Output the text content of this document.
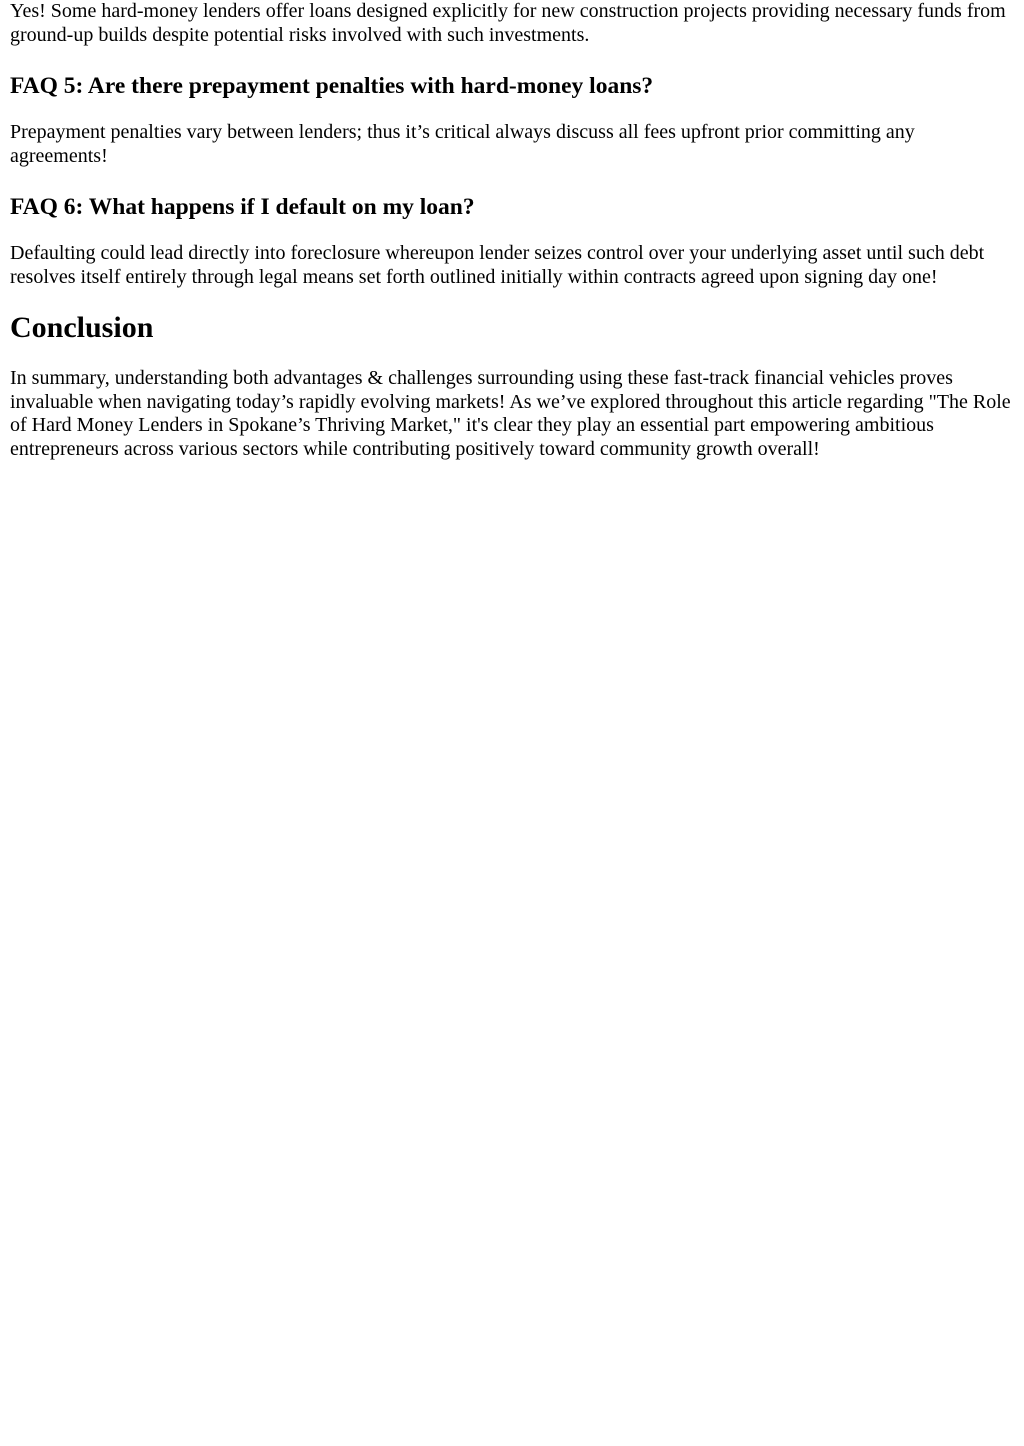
Yes! Some hard-money lenders offer loans designed explicitly for new construction projects providing necessary funds from ground-up builds despite potential risks involved with such investments.

FAQ 5: Are there prepayment penalties with hard-money loans?

Prepayment penalties vary between lenders; thus it’s critical always discuss all fees upfront prior committing any agreements!

FAQ 6: What happens if I default on my loan?

Defaulting could lead directly into foreclosure whereupon lender seizes control over your underlying asset until such debt resolves itself entirely through legal means set forth outlined initially within contracts agreed upon signing day one!

Conclusion

In summary, understanding both advantages & challenges surrounding using these fast-track financial vehicles proves invaluable when navigating today’s rapidly evolving markets! As we’ve explored throughout this article regarding "The Role of Hard Money Lenders in Spokane’s Thriving Market," it's clear they play an essential part empowering ambitious entrepreneurs across various sectors while contributing positively toward community growth overall!
